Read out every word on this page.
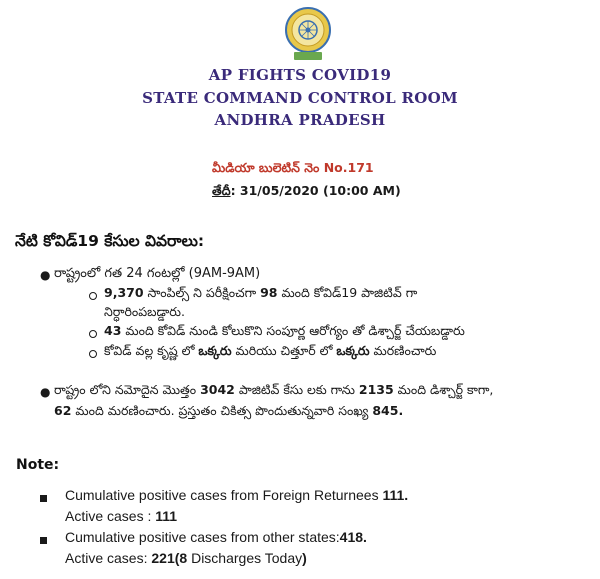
AP FIGHTS COVID19
STATE COMMAND CONTROL ROOM
ANDHRA PRADESH
మీడియా బులెటిన్ నెం No.171
తేదీ: 31/05/2020 (10:00 AM)
నేటి కోవిడ్19 కేసుల వివరాలు:
● రాష్ట్రంలో గత 24 గంటల్లో (9AM-9AM)
9,370 సాంపిల్స్ ని పరీక్షించగా 98 మంది కోవిడ్19 పాజిటివ్ గా
నిర్ధారింపబడ్డారు.
43 మంది కోవిడ్ నుండి కోలుకొని సంపూర్ణ ఆరోగ్యం తో డిశ్చార్జ్ చేయబడ్డారు
కోవిడ్ వల్ల కృష్ణ లో ఒక్కరు మరియు చిత్తూర్ లో ఒక్కరు మరణించారు
● రాష్ట్రం లోని నమోదైన మొత్తం 3042 పాజిటివ్ కేసు లకు గాను 2135 మంది డిశ్చార్జ్ కాగా,
62 మంది మరణించారు. ప్రస్తుతం చికిత్స పొందుతున్నవారి సంఖ్య 845.
Note:
Cumulative positive cases from Foreign Returnees 111.
Active cases : 111
Cumulative positive cases from other states:418.
Active cases: 221(8 Discharges Today)
